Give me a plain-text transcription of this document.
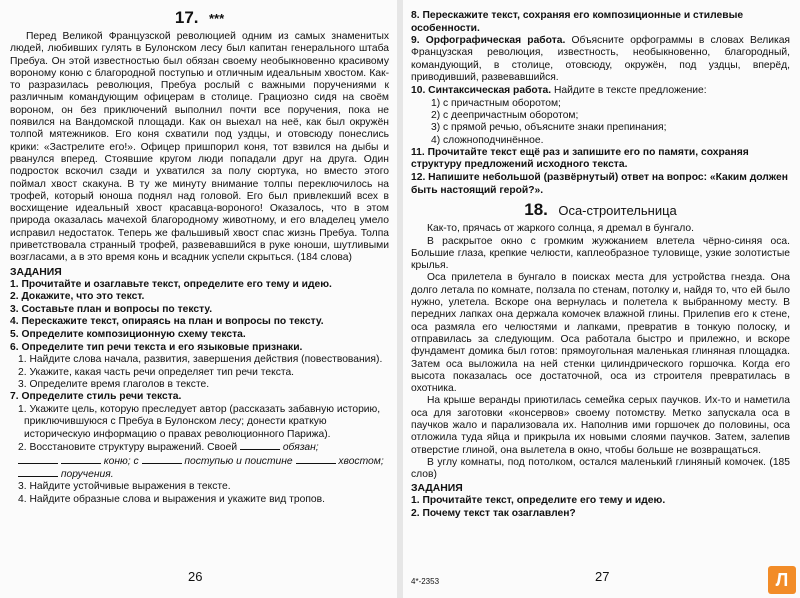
17. ***

Перед Великой Французской революцией одним из самых знаменитых людей, любивших гулять в Булонском лесу был капитан генерального штаба Пребуа. Он этой известностью был обязан своему необыкновенно красивому вороному коню с благородной поступью и отличным идеальным хвостом. Как-то разразилась революция, Пребуа рослый с важными поручениями к различным командующим офицерам в столице. Грациозно сидя на своём вороном, он без приключений выполнил почти все поручения, пока не появился на Вандомской площади. Как он выехал на неё, как был окружён толпой мятежников. Его коня схватили под уздцы, и отовсюду понеслись крики: «Застрелите его!». Офицер пришпорил коня, тот взвился на дыбы и рванулся вперед. Стоявшие кругом люди попадали друг на друга. Один подросток вскочил сзади и ухватился за полу сюртука, но вместо этого поймал хвост скакуна. В ту же минуту внимание толпы переключилось на трофей, который юноша поднял над головой. Его был привлекший всех в восхищение идеальный хвост красавца-вороного! Оказалось, что в этом природа оказалась мачехой благородному животному, и его владелец умело исправил недостаток. Теперь же фальшивый хвост спас жизнь Пребуа. Толпа приветствовала странный трофей, развевавшийся в руке юноши, шутливыми возгласами, а в это время конь и всадник успели скрыться. (184 слова)

ЗАДАНИЯ
1. Прочитайте и озаглавьте текст, определите его тему и идею.
2. Докажите, что это текст.
3. Составьте план и вопросы по тексту.
4. Перескажите текст, опираясь на план и вопросы по тексту.
5. Определите композиционную схему текста.
6. Определите тип речи текста и его языковые признаки.
1. Найдите слова начала, развития, завершения действия (повествования).
2. Укажите, какая часть речи определяет тип речи текста.
3. Определите время глаголов в тексте.
7. Определите стиль речи текста.
1. Укажите цель, которую преследует автор (рассказать забавную историю, приключившуюся с Пребуа в Булонском лесу; донести краткую историческую информацию о правах революционного Парижа).
2. Восстановите структуру выражений. Своей	обязан;
коню; с	поступью и поистине	хвостом;
поручения.
3. Найдите устойчивые выражения в тексте.
4. Найдите образные слова и выражения и укажите вид тропов.
26
8. Перескажите текст, сохраняя его композиционные и стилевые особенности.

9. Орфографическая работа. Объясните орфограммы в словах Великая Французская революция, известность, необыкновенно, благородный, командующий, в столице, отовсюду, окружён, под уздцы, вперёд, приводивший, развевавшийся.

10. Синтаксическая работа. Найдите в тексте предложение:

1) с причастным оборотом;
2) с деепричастным оборотом;
3) с прямой речью, объясните знаки препинания;
4) сложноподчинённое.
11. Прочитайте текст ещё раз и запишите его по памяти, сохраняя структуру предложений исходного текста.
12. Напишите небольшой (развёрнутый) ответ на вопрос: «Каким должен быть настоящий герой?».
18. Оса-строительница

Как-то, прячась от жаркого солнца, я дремал в бунгало.

В раскрытое окно с громким жужжанием влетела чёрно-синяя оса. Большие глаза, крепкие челюсти, каплеобразное туловище, узкие золотистые крылья.

Оса прилетела в бунгало в поисках места для устройства гнезда. Она долго летала по комнате, ползала по стенам, потолку и, найдя то, что ей было нужно, улетела. Вскоре она вернулась и полетела к выбранному месту. В передних лапках она держала комочек влажной глины. Прилепив его к стене, оса размяла его челюстями и лапками, превратив в тонкую полоску, и отправилась за следующим. Оса работала быстро и прилежно, и вскоре фундамент домика был готов: прямоугольная маленькая глиняная площадка. Затем оса выложила на ней стенки цилиндрического горшочка. Когда его высота показалась осе достаточной, оса из строителя превратилась в охотника.

На крыше веранды приютилась семейка серых паучков. Их-то и наметила оса для заготовки «консервов» своему потомству. Метко запускала оса в паучков жало и парализовала их. Наполнив ими горшочек до половины, оса отложила туда яйца и прикрыла их новыми слоями паучков. Затем, залепив отверстие глиной, она вылетела в окно, чтобы больше не возвращаться.

В углу комнаты, под потолком, остался маленький глиняный комочек. (185 слов)

ЗАДАНИЯ
1. Прочитайте текст, определите его тему и идею.
2. Почему текст так озаглавлен?
4*-2353	27	Л
